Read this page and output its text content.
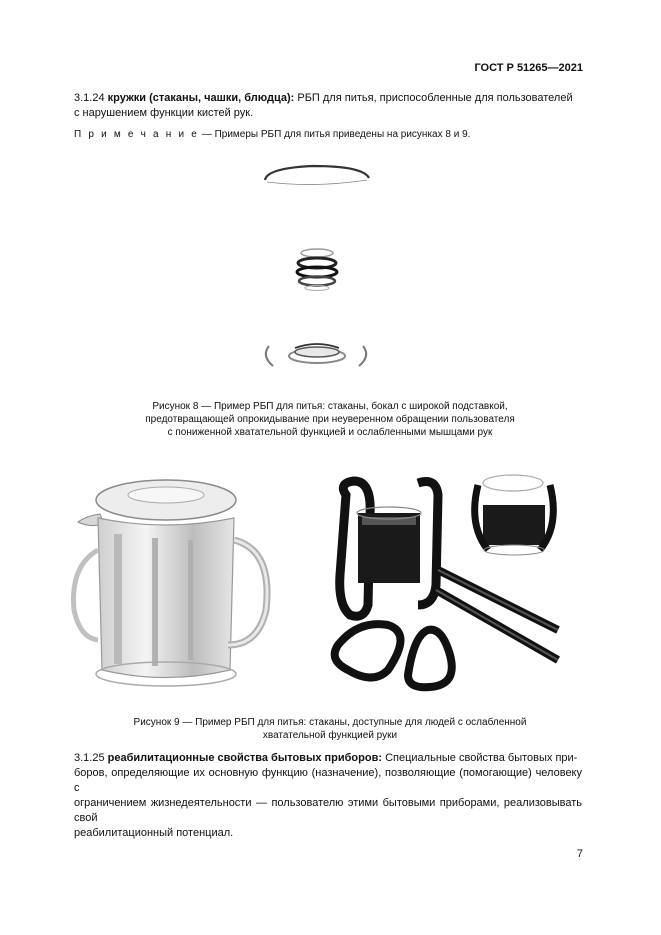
ГОСТ Р 51265—2021
3.1.24 кружки (стаканы, чашки, блюдца): РБП для питья, приспособленные для пользователей
с нарушением функции кистей рук.
П р и м е ч а н и е — Примеры РБП для питья приведены на рисунках 8 и 9.
Рисунок 8 — Пример РБП для питья: стаканы, бокал с широкой подставкой,
предотвращающей опрокидывание при неуверенном обращении пользователя
с пониженной хватательной функцией и ослабленными мышцами рук
Рисунок 9 — Пример РБП для питья: стаканы, доступные для людей с ослабленной
хватательной функцией руки
3.1.25 реабилитационные свойства бытовых приборов: Специальные свойства бытовых при-
боров, определяющие их основную функцию (назначение), позволяющие (помогающие) человеку с
ограничением жизнедеятельности — пользователю этими бытовыми приборами, реализовывать свой
реабилитационный потенциал.
7
